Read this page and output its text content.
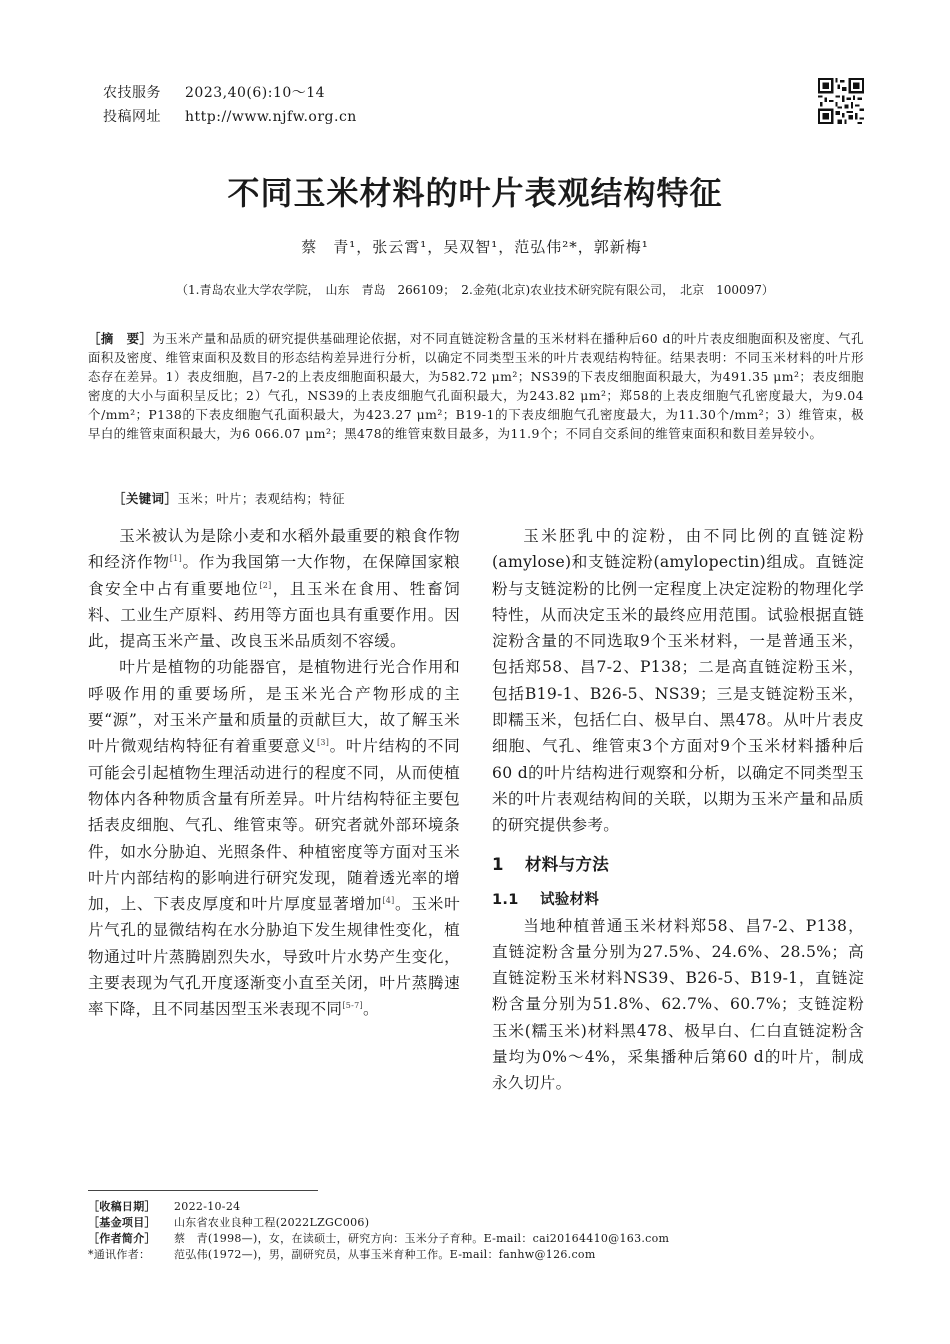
农技服务 2023,40(6):10～14
投稿网址 http://www.njfw.org.cn
不同玉米材料的叶片表观结构特征
蔡　青¹，张云霄¹，吴双智¹，范弘伟²*，郭新梅¹
（1.青岛农业大学农学院，　山东　青岛　266109；　2.金苑(北京)农业技术研究院有限公司，　北京　100097）
［摘　要］为玉米产量和品质的研究提供基础理论依据，对不同直链淀粉含量的玉米材料在播种后60 d的叶片表皮细胞面积及密度、气孔面积及密度、维管束面积及数目的形态结构差异进行分析，以确定不同类型玉米的叶片表观结构特征。结果表明：不同玉米材料的叶片形态存在差异。1）表皮细胞，昌7-2的上表皮细胞面积最大，为582.72 μm²；NS39的下表皮细胞面积最大，为491.35 μm²；表皮细胞密度的大小与面积呈反比；2）气孔，NS39的上表皮细胞气孔面积最大，为243.82 μm²；郑58的上表皮细胞气孔密度最大，为9.04个/mm²；P138的下表皮细胞气孔面积最大，为423.27 μm²；B19-1的下表皮细胞气孔密度最大，为11.30个/mm²；3）维管束，极早白的维管束面积最大，为6 066.07 μm²；黑478的维管束数目最多，为11.9个；不同自交系间的维管束面积和数目差异较小。
［关键词］玉米；叶片；表观结构；特征

玉米被认为是除小麦和水稻外最重要的粮食作物和经济作物[1]。作为我国第一大作物，在保障国家粮食安全中占有重要地位[2]，且玉米在食用、牲畜饲料、工业生产原料、药用等方面也具有重要作用。因此，提高玉米产量、改良玉米品质刻不容缓。

叶片是植物的功能器官，是植物进行光合作用和呼吸作用的重要场所，是玉米光合产物形成的主要“源”，对玉米产量和质量的贡献巨大，故了解玉米叶片微观结构特征有着重要意义[3]。叶片结构的不同可能会引起植物生理活动进行的程度不同，从而使植物体内各种物质含量有所差异。叶片结构特征主要包括表皮细胞、气孔、维管束等。研究者就外部环境条件，如水分胁迫、光照条件、种植密度等方面对玉米叶片内部结构的影响进行研究发现，随着透光率的增加，上、下表皮厚度和叶片厚度显著增加[4]。玉米叶片气孔的显微结构在水分胁迫下发生规律性变化，植物通过叶片蒸腾剧烈失水，导致叶片水势产生变化，主要表现为气孔开度逐渐变小直至关闭，叶片蒸腾速率下降，且不同基因型玉米表现不同[5-7]。

玉米胚乳中的淀粉，由不同比例的直链淀粉(amylose)和支链淀粉(amylopectin)组成。直链淀粉与支链淀粉的比例一定程度上决定淀粉的物理化学特性，从而决定玉米的最终应用范围。试验根据直链淀粉含量的不同选取9个玉米材料，一是普通玉米，包括郑58、昌7-2、P138；二是高直链淀粉玉米，包括B19-1、B26-5、NS39；三是支链淀粉玉米，即糯玉米，包括仁白、极早白、黑478。从叶片表皮细胞、气孔、维管束3个方面对9个玉米材料播种后60 d的叶片结构进行观察和分析，以确定不同类型玉米的叶片表观结构间的关联，以期为玉米产量和品质的研究提供参考。

1 材料与方法
1.1 试验材料

当地种植普通玉米材料郑58、昌7-2、P138，直链淀粉含量分别为27.5%、24.6%、28.5%；高直链淀粉玉米材料NS39、B26-5、B19-1，直链淀粉含量分别为51.8%、62.7%、60.7%；支链淀粉玉米(糯玉米)材料黑478、极早白、仁白直链淀粉含量均为0%～4%，采集播种后第60 d的叶片，制成永久切片。

［收稿日期］ 2022-10-24
［基金项目］ 山东省农业良种工程(2022LZGC006)
［作者简介］ 蔡　青(1998—)，女，在读硕士，研究方向：玉米分子育种。E-mail：cai20164410@163.com
*通讯作者： 范弘伟(1972—)，男，副研究员，从事玉米育种工作。E-mail：fanhw@126.com
